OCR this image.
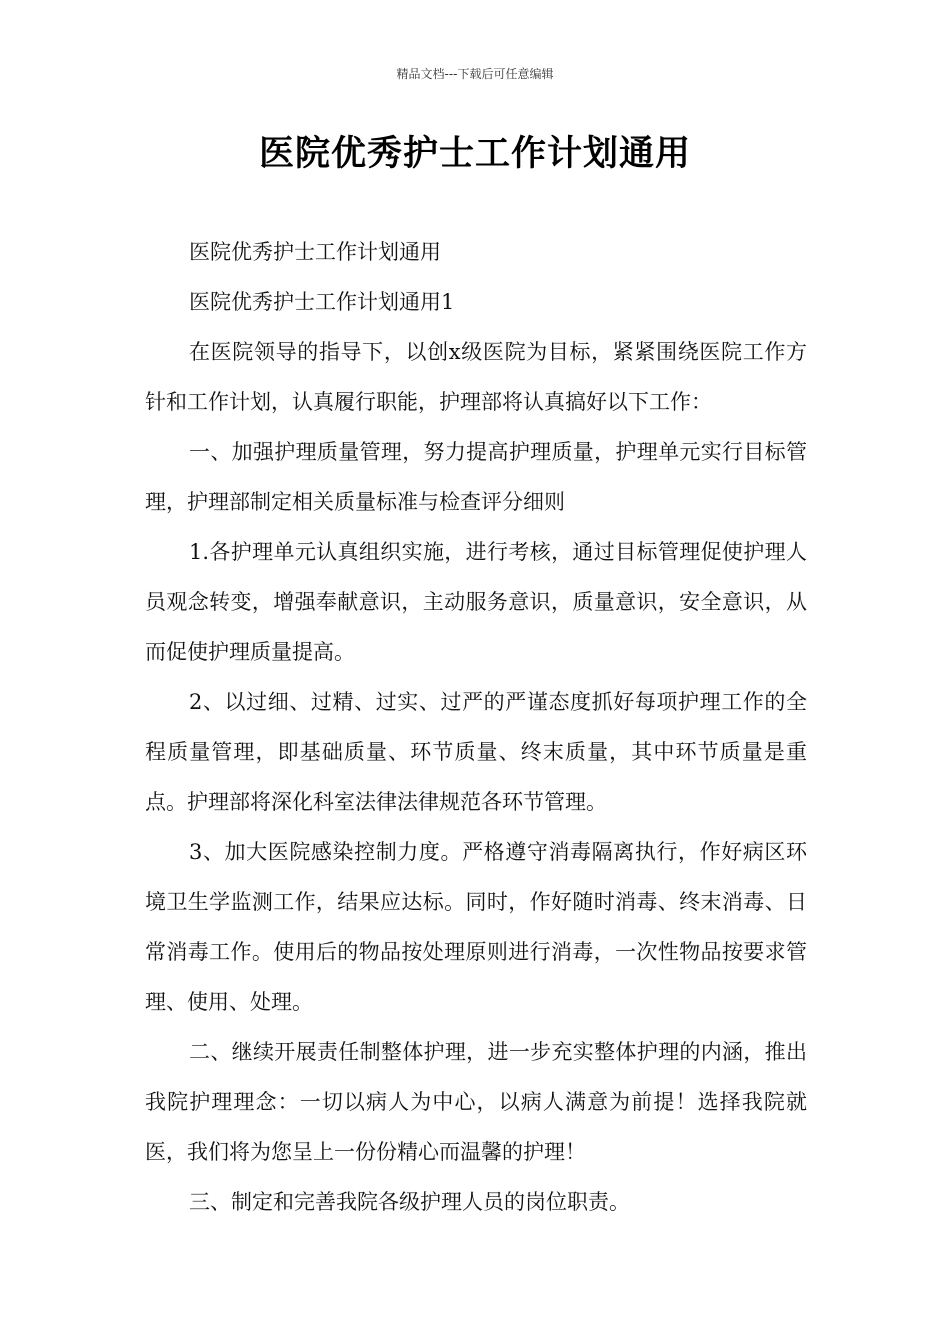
精品文档---下载后可任意编辑
医院优秀护士工作计划通用

医院优秀护士工作计划通用

医院优秀护士工作计划通用1

在医院领导的指导下，以创x级医院为目标，紧紧围绕医院工作方针和工作计划，认真履行职能，护理部将认真搞好以下工作：

一、加强护理质量管理，努力提高护理质量，护理单元实行目标管理，护理部制定相关质量标准与检查评分细则

1.各护理单元认真组织实施，进行考核，通过目标管理促使护理人员观念转变，增强奉献意识，主动服务意识，质量意识，安全意识，从而促使护理质量提高。

2、以过细、过精、过实、过严的严谨态度抓好每项护理工作的全程质量管理，即基础质量、环节质量、终末质量，其中环节质量是重点。护理部将深化科室法律法律规范各环节管理。

3、加大医院感染控制力度。严格遵守消毒隔离执行，作好病区环境卫生学监测工作，结果应达标。同时，作好随时消毒、终末消毒、日常消毒工作。使用后的物品按处理原则进行消毒，一次性物品按要求管理、使用、处理。

二、继续开展责任制整体护理，进一步充实整体护理的内涵，推出我院护理理念：一切以病人为中心，以病人满意为前提！选择我院就医，我们将为您呈上一份份精心而温馨的护理！

三、制定和完善我院各级护理人员的岗位职责。
